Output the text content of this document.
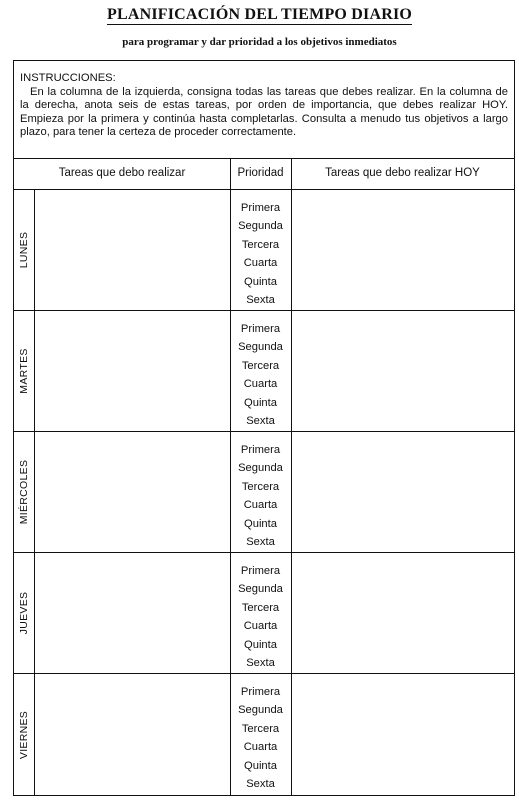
PLANIFICACIÓN DEL TIEMPO DIARIO
para programar y dar prioridad a los objetivos inmediatos
INSTRUCCIONES:
En la columna de la izquierda, consigna todas las tareas que debes realizar. En la columna de la derecha, anota seis de estas tareas, por orden de importancia, que debes realizar HOY. Empieza por la primera y continúa hasta completarlas. Consulta a menudo tus objetivos a largo plazo, para tener la certeza de proceder correctamente.
Tareas que debo realizar	Prioridad	Tareas que debo realizar HOY
LUNES
Primera
Segunda
Tercera
Cuarta
Quinta
Sexta
MARTES
Primera
Segunda
Tercera
Cuarta
Quinta
Sexta
MIÉRCOLES
Primera
Segunda
Tercera
Cuarta
Quinta
Sexta
JUEVES
Primera
Segunda
Tercera
Cuarta
Quinta
Sexta
VIERNES
Primera
Segunda
Tercera
Cuarta
Quinta
Sexta
